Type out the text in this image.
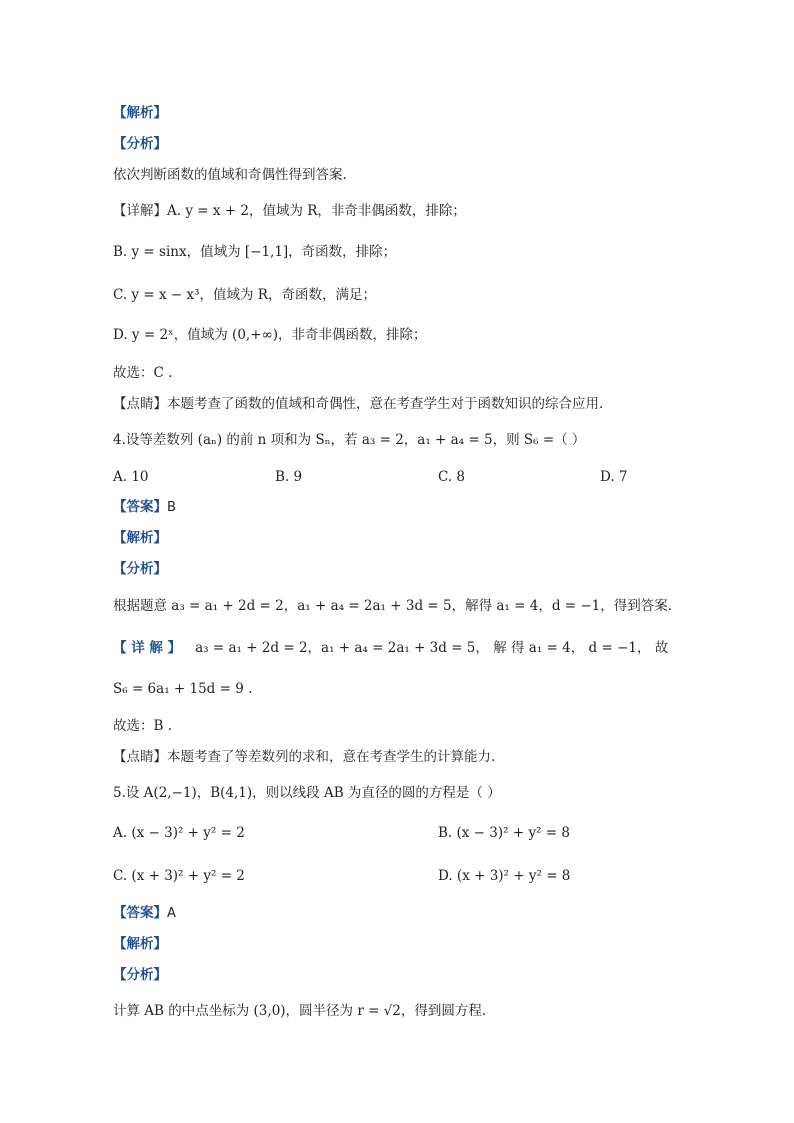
【解析】
【分析】
依次判断函数的值域和奇偶性得到答案.
【详解】A. y = x + 2，值域为 R，非奇非偶函数，排除；
B. y = sinx，值域为 [−1,1]，奇函数，排除；
C. y = x − x³，值域为 R，奇函数，满足；
D. y = 2ˣ，值域为 (0,+∞)，非奇非偶函数，排除；
故选：C .
【点睛】本题考查了函数的值域和奇偶性，意在考查学生对于函数知识的综合应用.
4.设等差数列 (aₙ) 的前 n 项和为 Sₙ，若 a₃ = 2，a₁ + a₄ = 5，则 S₆ =（ ）
A. 10	B. 9	C. 8	D. 7
【答案】B
【解析】
【分析】
根据题意 a₃ = a₁ + 2d = 2，a₁ + a₄ = 2a₁ + 3d = 5，解得 a₁ = 4，d = −1，得到答案.
【 详 解 】 a₃ = a₁ + 2d = 2，a₁ + a₄ = 2a₁ + 3d = 5， 解 得 a₁ = 4， d = −1， 故
S₆ = 6a₁ + 15d = 9 .
故选：B .
【点睛】本题考查了等差数列的求和，意在考查学生的计算能力.
5.设 A(2,−1)，B(4,1)，则以线段 AB 为直径的圆的方程是（ ）
A. (x − 3)² + y² = 2	B. (x − 3)² + y² = 8
C. (x + 3)² + y² = 2	D. (x + 3)² + y² = 8
【答案】A
【解析】
【分析】
计算 AB 的中点坐标为 (3,0)，圆半径为 r = √2，得到圆方程.
